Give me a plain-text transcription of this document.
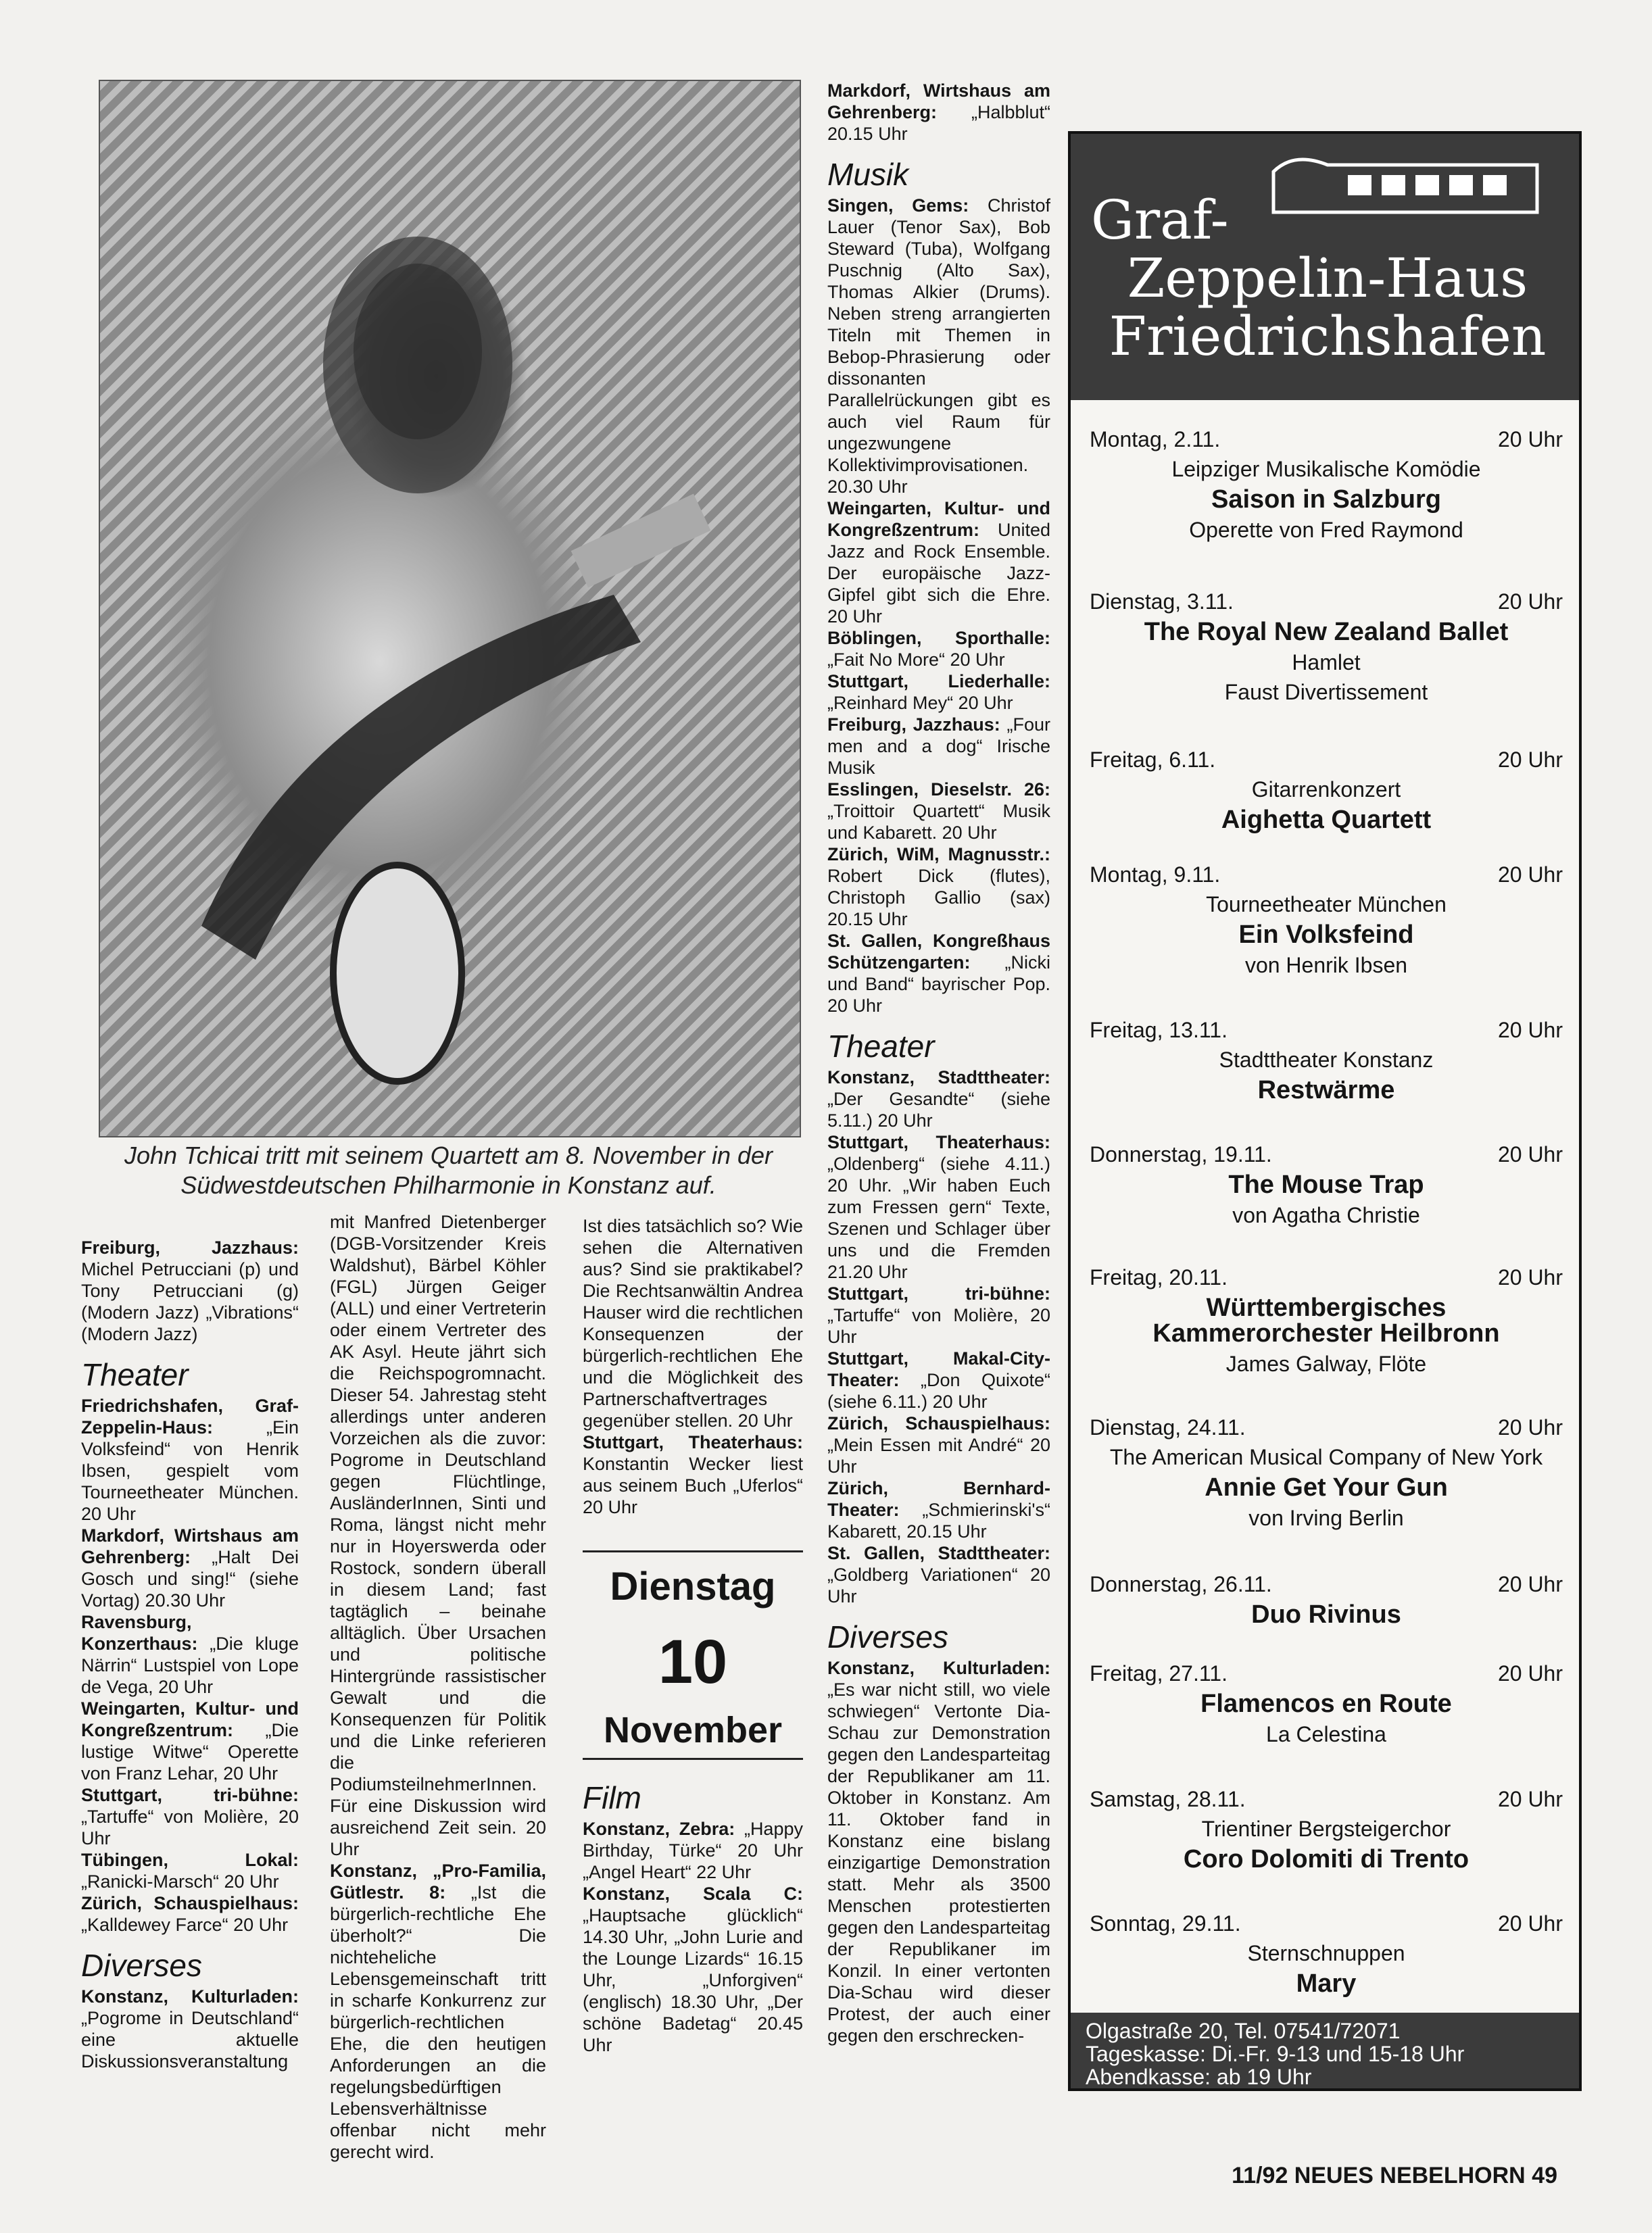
John Tchicai tritt mit seinem Quartett am 8. November in der Südwestdeutschen Philharmonie in Konstanz auf.
Freiburg, Jazzhaus: Michel Petrucciani (p) und Tony Petrucciani (g) (Modern Jazz) „Vibrations“ (Modern Jazz)
Theater
Friedrichshafen, Graf-Zeppelin-Haus: „Ein Volksfeind“ von Henrik Ibsen, gespielt vom Tourneetheater München. 20 Uhr
Markdorf, Wirtshaus am Gehrenberg: „Halt Dei Gosch und sing!“ (siehe Vortag) 20.30 Uhr
Ravensburg, Konzerthaus: „Die kluge Närrin“ Lustspiel von Lope de Vega, 20 Uhr
Weingarten, Kultur- und Kongreßzentrum: „Die lustige Witwe“ Operette von Franz Lehar, 20 Uhr
Stuttgart, tri-bühne: „Tartuffe“ von Molière, 20 Uhr
Tübingen, Lokal: „Ranicki-Marsch“ 20 Uhr
Zürich, Schauspielhaus: „Kalldewey Farce“ 20 Uhr
Diverses
Konstanz, Kulturladen: „Pogrome in Deutschland“ eine aktuelle Diskussionsveranstaltung
mit Manfred Dietenberger (DGB-Vorsitzender Kreis Waldshut), Bärbel Köhler (FGL) Jürgen Geiger (ALL) und einer Vertreterin oder einem Vertreter des AK Asyl. Heute jährt sich die Reichspogromnacht. Dieser 54. Jahrestag steht allerdings unter anderen Vorzeichen als die zuvor: Pogrome in Deutschland gegen Flüchtlinge, AusländerInnen, Sinti und Roma, längst nicht mehr nur in Hoyerswerda oder Rostock, sondern überall in diesem Land; fast tagtäglich – beinahe alltäglich. Über Ursachen und politische Hintergründe rassistischer Gewalt und die Konsequenzen für Politik und die Linke referieren die PodiumsteilnehmerInnen. Für eine Diskussion wird ausreichend Zeit sein. 20 Uhr
Konstanz, „Pro-Familia, Gütlestr. 8: „Ist die bürgerlich-rechtliche Ehe überholt?“ Die nichteheliche Lebensgemeinschaft tritt in scharfe Konkurrenz zur bürgerlich-rechtlichen Ehe, die den heutigen Anforderungen an die regelungsbedürftigen Lebensverhältnisse offenbar nicht mehr gerecht wird.
Ist dies tatsächlich so? Wie sehen die Alternativen aus? Sind sie praktikabel? Die Rechtsanwältin Andrea Hauser wird die rechtlichen Konsequenzen der bürgerlich-rechtlichen Ehe und die Möglichkeit des Partnerschaftvertrages gegenüber stellen. 20 Uhr
Stuttgart, Theaterhaus: Konstantin Wecker liest aus seinem Buch „Uferlos“ 20 Uhr
Dienstag
10
November
Film
Konstanz, Zebra: „Happy Birthday, Türke“ 20 Uhr „Angel Heart“ 22 Uhr
Konstanz, Scala C: „Hauptsache glücklich“ 14.30 Uhr, „John Lurie and the Lounge Lizards“ 16.15 Uhr, „Unforgiven“ (englisch) 18.30 Uhr, „Der schöne Badetag“ 20.45 Uhr
Markdorf, Wirtshaus am Gehrenberg: „Halbblut“ 20.15 Uhr
Musik
Singen, Gems: Christof Lauer (Tenor Sax), Bob Steward (Tuba), Wolfgang Puschnig (Alto Sax), Thomas Alkier (Drums). Neben streng arrangierten Titeln mit Themen in Bebop-Phrasierung oder dissonanten Parallelrückungen gibt es auch viel Raum für ungezwungene Kollektivimprovisationen. 20.30 Uhr
Weingarten, Kultur- und Kongreßzentrum: United Jazz and Rock Ensemble. Der europäische Jazz-Gipfel gibt sich die Ehre. 20 Uhr
Böblingen, Sporthalle: „Fait No More“ 20 Uhr
Stuttgart, Liederhalle: „Reinhard Mey“ 20 Uhr
Freiburg, Jazzhaus: „Four men and a dog“ Irische Musik
Esslingen, Dieselstr. 26: „Troittoir Quartett“ Musik und Kabarett. 20 Uhr
Zürich, WiM, Magnusstr.: Robert Dick (flutes), Christoph Gallio (sax) 20.15 Uhr
St. Gallen, Kongreßhaus Schützengarten: „Nicki und Band“ bayrischer Pop. 20 Uhr
Theater
Konstanz, Stadttheater: „Der Gesandte“ (siehe 5.11.) 20 Uhr
Stuttgart, Theaterhaus: „Oldenberg“ (siehe 4.11.) 20 Uhr. „Wir haben Euch zum Fressen gern“ Texte, Szenen und Schlager über uns und die Fremden 21.20 Uhr
Stuttgart, tri-bühne: „Tartuffe“ von Molière, 20 Uhr
Stuttgart, Makal-City-Theater: „Don Quixote“ (siehe 6.11.) 20 Uhr
Zürich, Schauspielhaus: „Mein Essen mit André“ 20 Uhr
Zürich, Bernhard-Theater: „Schmierinski's“ Kabarett, 20.15 Uhr
St. Gallen, Stadttheater: „Goldberg Variationen“ 20 Uhr
Diverses
Konstanz, Kulturladen: „Es war nicht still, wo viele schwiegen“ Vertonte Dia-Schau zur Demonstration gegen den Landesparteitag der Republikaner am 11. Oktober in Konstanz. Am 11. Oktober fand in Konstanz eine bislang einzigartige Demonstration statt. Mehr als 3500 Menschen protestierten gegen den Landesparteitag der Republikaner im Konzil. In einer vertonten Dia-Schau wird dieser Protest, der auch einer gegen den erschrecken-
Graf-
Zeppelin-Haus
Friedrichshafen
Montag, 2.11.	20 Uhr
Leipziger Musikalische Komödie
Saison in Salzburg
Operette von Fred Raymond
Dienstag, 3.11.	20 Uhr
The Royal New Zealand Ballet
Hamlet
Faust Divertissement
Freitag, 6.11.	20 Uhr
Gitarrenkonzert
Aighetta Quartett
Montag, 9.11.	20 Uhr
Tourneetheater München
Ein Volksfeind
von Henrik Ibsen
Freitag, 13.11.	20 Uhr
Stadttheater Konstanz
Restwärme
Donnerstag, 19.11.	20 Uhr
The Mouse Trap
von Agatha Christie
Freitag, 20.11.	20 Uhr
Württembergisches
Kammerorchester Heilbronn
James Galway, Flöte
Dienstag, 24.11.	20 Uhr
The American Musical Company of New York
Annie Get Your Gun
von Irving Berlin
Donnerstag, 26.11.	20 Uhr
Duo Rivinus
Freitag, 27.11.	20 Uhr
Flamencos en Route
La Celestina
Samstag, 28.11.	20 Uhr
Trientiner Bergsteigerchor
Coro Dolomiti di Trento
Sonntag, 29.11.	20 Uhr
Sternschnuppen
Mary
Olgastraße 20, Tel. 07541/72071
Tageskasse: Di.-Fr. 9-13 und 15-18 Uhr
Abendkasse: ab 19 Uhr
11/92 NEUES NEBELHORN 49
